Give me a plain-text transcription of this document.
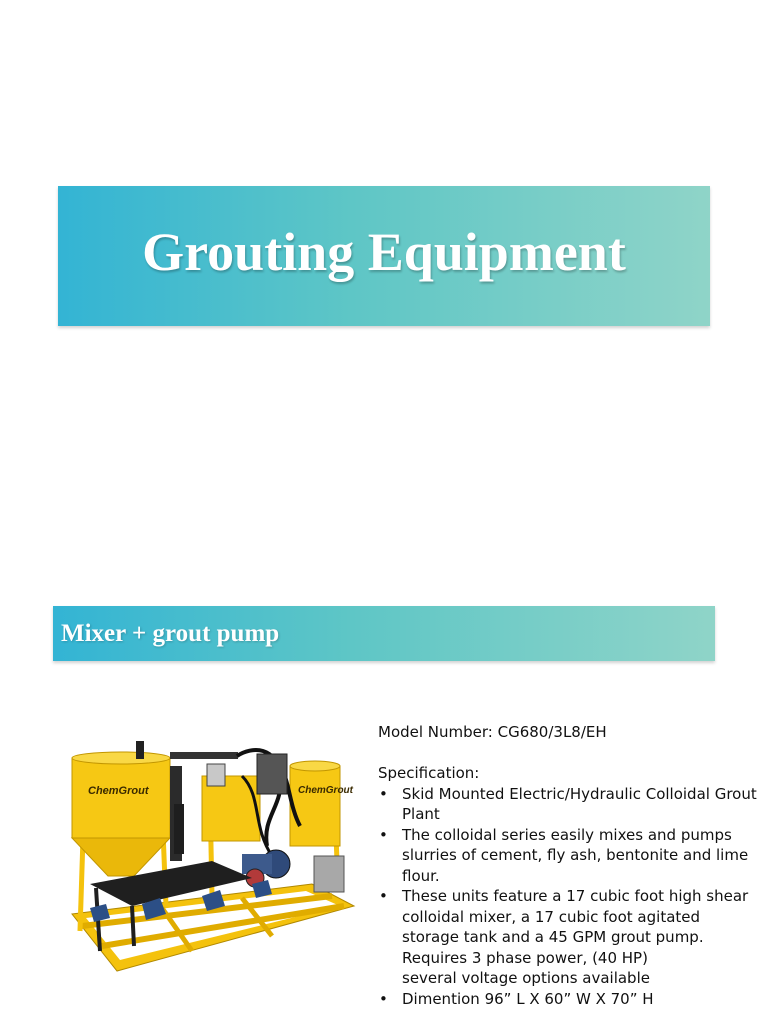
Grouting Equipment
Mixer + grout pump
ChemGrout	ChemGrout

Model Number: CG680/3L8/EH

Specification:

• Skid Mounted Electric/Hydraulic Colloidal Grout Plant
• The colloidal series easily mixes and pumps slurries of cement, fly ash, bentonite and lime flour.
• These units feature a 17 cubic foot high shear colloidal mixer, a 17 cubic foot agitated storage tank and a 45 GPM grout pump.
Requires 3 phase power, (40 HP)
several voltage options available
• Dimention 96” L X 60” W X 70” H
